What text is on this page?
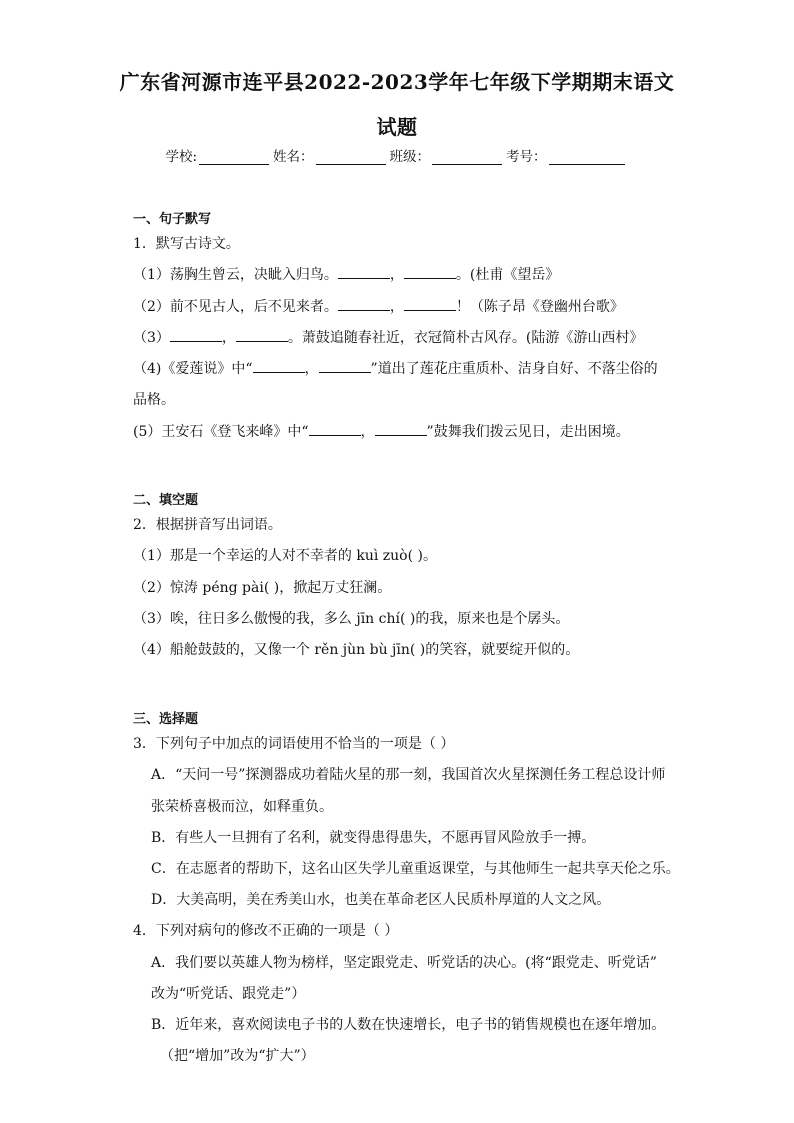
广东省河源市连平县2022-2023学年七年级下学期期末语文
试题
学校:	姓名：	班级：	考号：
一、句子默写
1．默写古诗文。
（1）荡胸生曾云，决眦入归鸟。	，	。(杜甫《望岳》
（2）前不见古人，后不见来者。	，	！（陈子昂《登幽州台歌》
（3）	，	。萧鼓追随春社近，衣冠简朴古风存。(陆游《游山西村》
（4)《爱莲说》中“	，	”道出了莲花庄重质朴、洁身自好、不落尘俗的
品格。
(5）王安石《登飞来峰》中“	，	”鼓舞我们拨云见日，走出困境。
二、填空题
2．根据拼音写出词语。
（1）那是一个幸运的人对不幸者的 kuì zuò( )。
（2）惊涛 péng pài( )，掀起万丈狂澜。
（3）唉，往日多么傲慢的我，多么 jīn chí( )的我，原来也是个孱头。
（4）船舱鼓鼓的，又像一个 rěn jùn bù jīn( )的笑容，就要绽开似的。
三、选择题
3．下列句子中加点的词语使用不恰当的一项是（ ）
A．“天问一号”探测器成功着陆火星的那一刻，我国首次火星探测任务工程总设计师
张荣桥喜极而泣，如释重负。
B．有些人一旦拥有了名利，就变得患得患失，不愿再冒风险放手一搏。
C．在志愿者的帮助下，这名山区失学儿童重返课堂，与其他师生一起共享天伦之乐。
D．大美高明，美在秀美山水，也美在革命老区人民质朴厚道的人文之风。
4．下列对病句的修改不正确的一项是（ ）
A．我们要以英雄人物为榜样，坚定跟党走、听党话的决心。(将“跟党走、听党话”
改为“听党话、跟党走”）
B．近年来，喜欢阅读电子书的人数在快速增长，电子书的销售规模也在逐年增加。
（把“增加”改为“扩大”）
